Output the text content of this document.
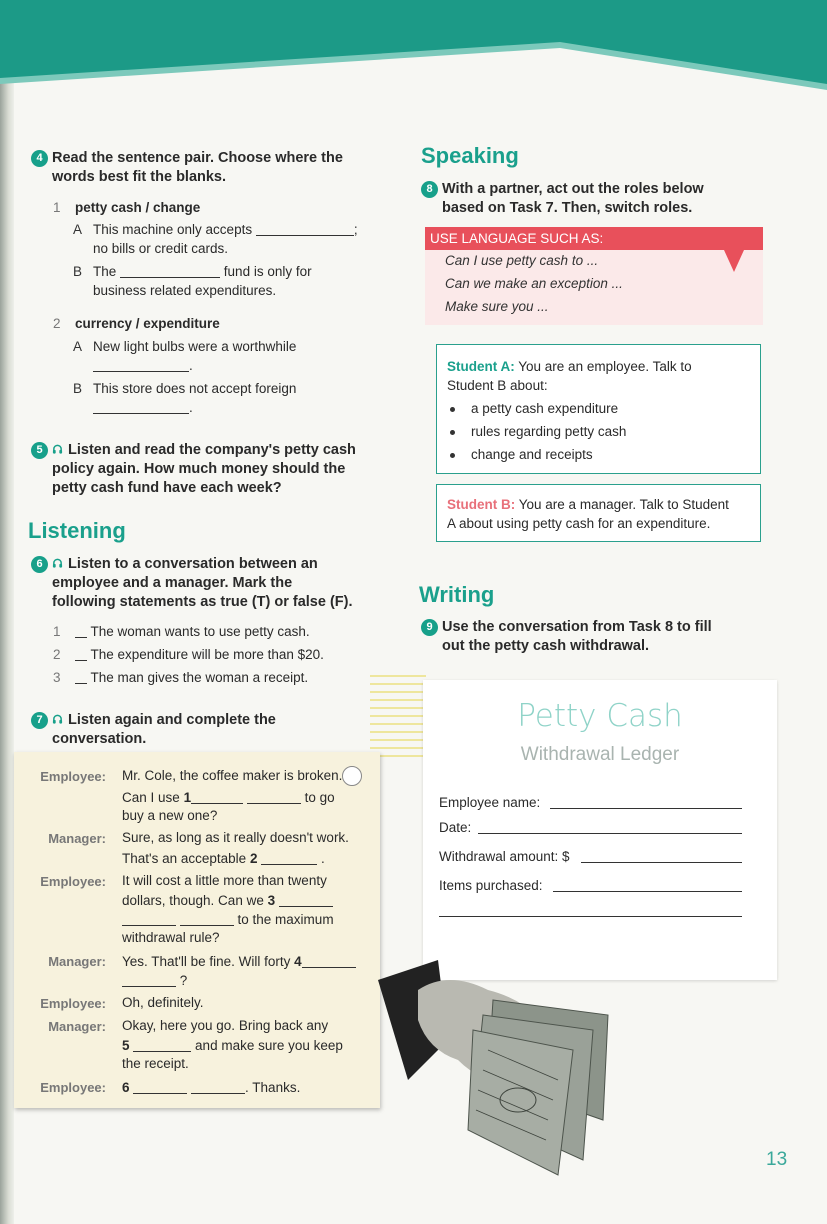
4 Read the sentence pair. Choose where the
words best fit the blanks.
1 petty cash / change
A This machine only accepts	;
no bills or credit cards.
B The	fund is only for
business related expenditures.
2 currency / expenditure
A New light bulbs were a worthwhile
.
B This store does not accept foreign
.
5 Listen and read the company's petty cash
policy again. How much money should the
petty cash fund have each week?
Listening
6 Listen to a conversation between an
employee and a manager. Mark the
following statements as true (T) or false (F).
1 The woman wants to use petty cash.
2 The expenditure will be more than $20.
3 The man gives the woman a receipt.
7 Listen again and complete the
conversation.
Employee: Mr. Cole, the coffee maker is broken.
Can I use 1	to go
buy a new one?
Manager: Sure, as long as it really doesn't work.
That's an acceptable 2	.
Employee: It will cost a little more than twenty
dollars, though. Can we 3
to the maximum
withdrawal rule?
Manager: Yes. That'll be fine. Will forty 4
?
Employee: Oh, definitely.
Manager: Okay, here you go. Bring back any
5	and make sure you keep
the receipt.
Employee: 6	. Thanks.
Speaking
8 With a partner, act out the roles below
based on Task 7. Then, switch roles.
USE LANGUAGE SUCH AS:
Can I use petty cash to ...
Can we make an exception ...
Make sure you ...
Student A: You are an employee. Talk to
Student B about:
a petty cash expenditure
rules regarding petty cash
change and receipts
Student B: You are a manager. Talk to Student
A about using petty cash for an expenditure.
Writing
9 Use the conversation from Task 8 to fill
out the petty cash withdrawal.
Petty Cash
Withdrawal Ledger
Employee name:
Date:
Withdrawal amount: $
Items purchased:
13
